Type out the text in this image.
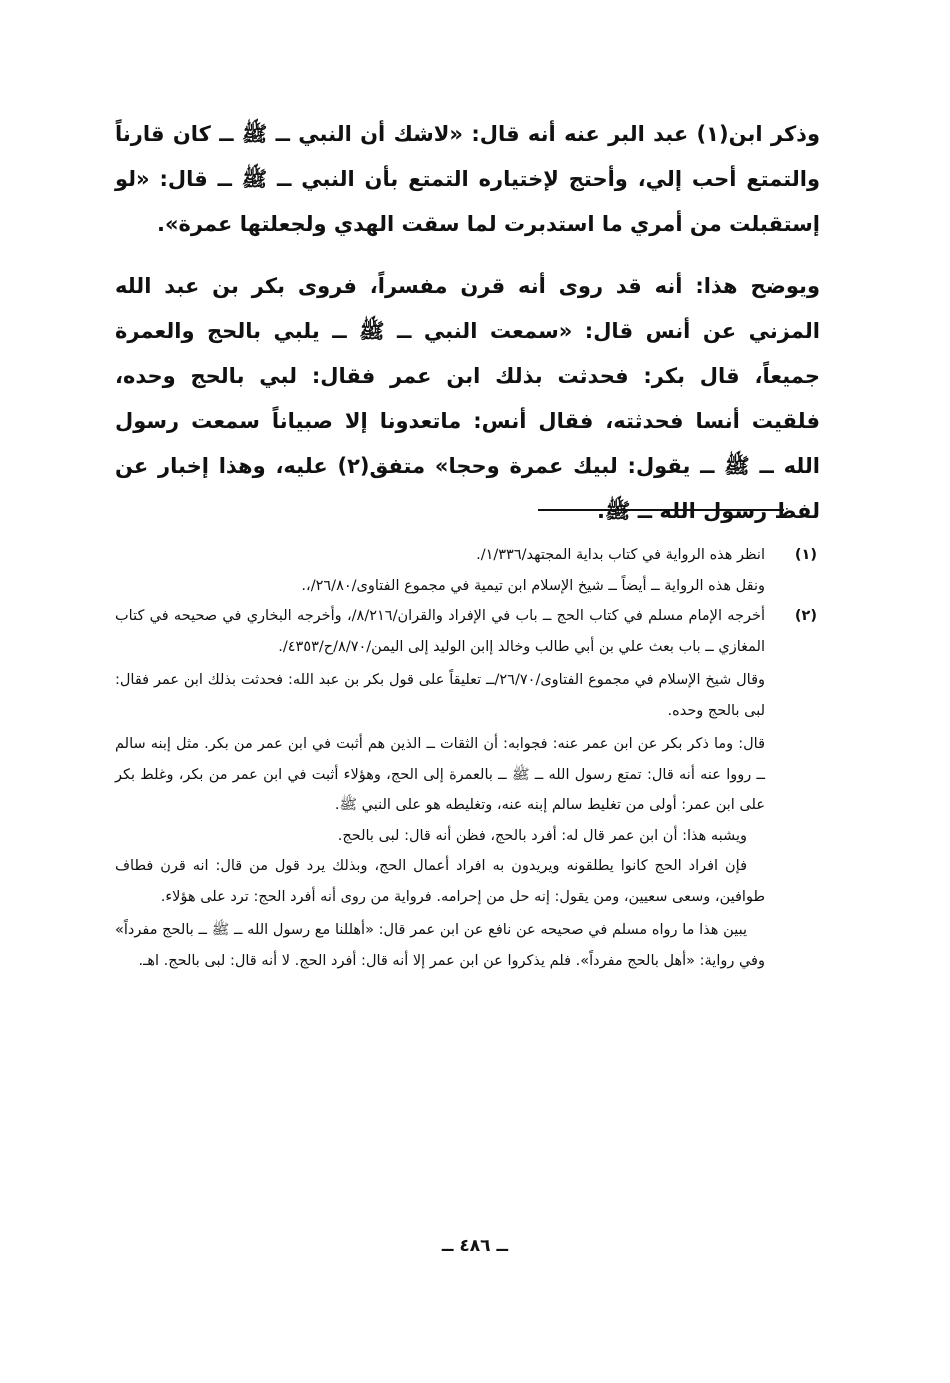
وذكر ابن(١) عبد البر عنه أنه قال: «لاشك أن النبي ــ ﷺ ــ كان قارناً والتمتع أحب إلي، وأحتج لإختياره التمتع بأن النبي ــ ﷺ ــ قال: «لو إستقبلت من أمري ما استدبرت لما سقت الهدي ولجعلتها عمرة».

ويوضح هذا: أنه قد روى أنه قرن مفسراً، فروى بكر بن عبد الله المزني عن أنس قال: «سمعت النبي ــ ﷺ ــ يلبي بالحج والعمرة جميعاً، قال بكر: فحدثت بذلك ابن عمر فقال: لبي بالحج وحده، فلقيت أنسا فحدثته، فقال أنس: ماتعدونا إلا صبياناً سمعت رسول الله ــ ﷺ ــ يقول: لبيك عمرة وحجا» متفق(٢) عليه، وهذا إخبار عن لفظ رسول الله ــ ﷺ.

(١)

انظر هذه الرواية في كتاب بداية المجتهد/١/٣٣٦/.

ونقل هذه الرواية ــ أيضاً ــ شيخ الإسلام ابن تيمية في مجموع الفتاوى/٢٦/٨٠/،.

(٢)

أخرجه الإمام مسلم في كتاب الحج ــ باب في الإفراد والقران/٨/٢١٦/، وأخرجه البخاري في صحيحه في كتاب المغازي ــ باب بعث علي بن أبي طالب وخالد إابن الوليد إلى اليمن/٨/٧٠/ح/٤٣٥٣/.

وقال شيخ الإسلام في مجموع الفتاوى/٢٦/٧٠/ــ تعليقاً على قول بكر بن عبد الله: فحدثت بذلك ابن عمر فقال: لبى بالحج وحده.

قال: وما ذكر بكر عن ابن عمر عنه: فجوابه: أن الثقات ــ الذين هم أثبت في ابن عمر من بكر. مثل إبنه سالم ــ رووا عنه أنه قال: تمتع رسول الله ــ ﷺ ــ بالعمرة إلى الحج، وهؤلاء أثبت في ابن عمر من بكر، وغلط بكر على ابن عمر: أولى من تغليط سالم إبنه عنه، وتغليطه هو على النبي ﷺ.

ويشبه هذا: أن ابن عمر قال له: أفرد بالحج، فظن أنه قال: لبى بالحج.

فإن افراد الحج كانوا يطلقونه ويريدون به افراد أعمال الحج، وبذلك يرد قول من قال: انه قرن فطاف طوافين، وسعى سعيين، ومن يقول: إنه حل من إحرامه. فرواية من روى أنه أفرد الحج: ترد على هؤلاء.

يبين هذا ما رواه مسلم في صحيحه عن نافع عن ابن عمر قال: «أهللنا مع رسول الله ــ ﷺ ــ بالحج مفرداً» وفي رواية: «أهل بالحج مفرداً». فلم يذكروا عن ابن عمر إلا أنه قال: أفرد الحج. لا أنه قال: لبى بالحج. اهـ.

ــ ٤٨٦ ــ
